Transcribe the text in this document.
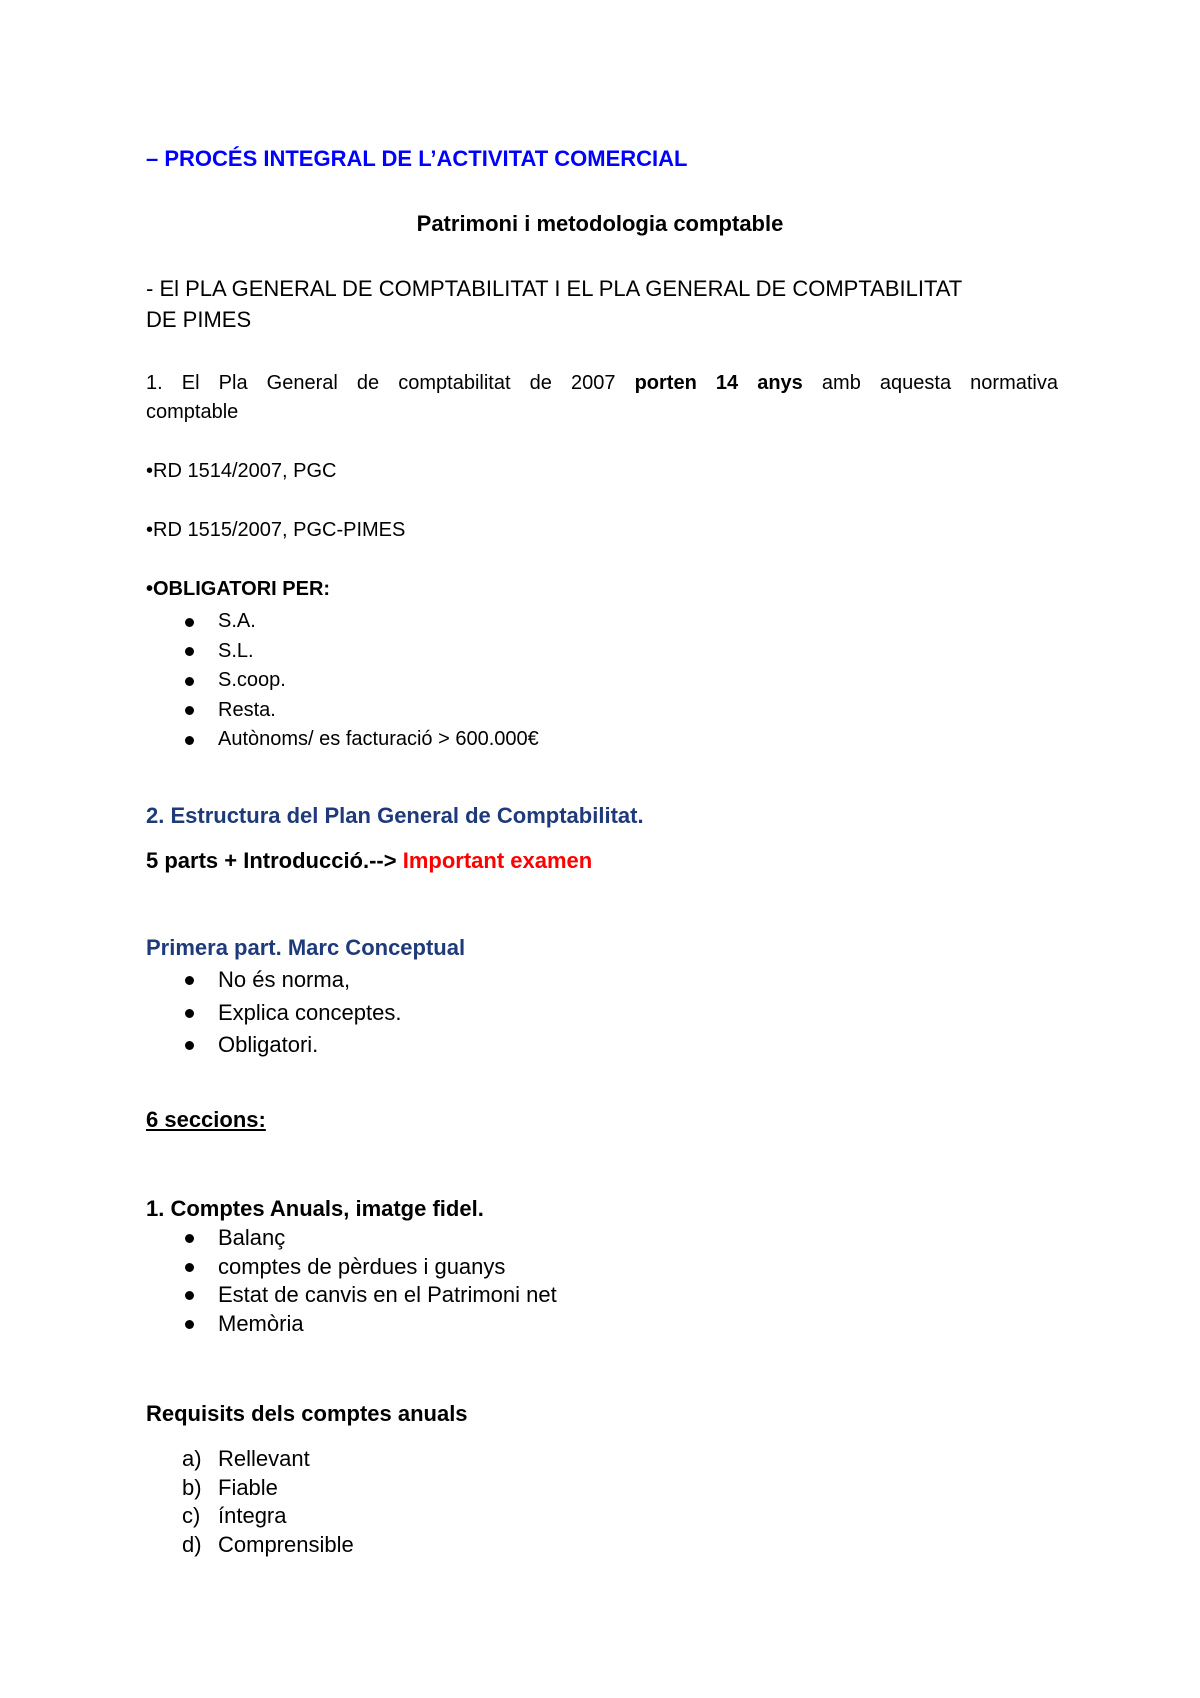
– PROCÉS INTEGRAL DE L’ACTIVITAT COMERCIAL

Patrimoni i metodologia comptable

- El PLA GENERAL DE COMPTABILITAT I EL PLA GENERAL DE COMPTABILITAT

DE PIMES

1. El Pla General de comptabilitat de 2007 porten 14 anys amb aquesta normativa

comptable

•RD 1514/2007, PGC

•RD 1515/2007, PGC-PIMES

•OBLIGATORI PER:

S.A.
S.L.
S.coop.
Resta.
Autònoms/ es facturació > 600.000€

2. Estructura del Plan General de Comptabilitat.

5 parts + Introducció.--> Important examen

Primera part. Marc Conceptual

No és norma,
Explica conceptes.
Obligatori.

6 seccions:

1. Comptes Anuals, imatge fidel.

Balanç
comptes de pèrdues i guanys
Estat de canvis en el Patrimoni net
Memòria

Requisits dels comptes anuals

a) Rellevant
b) Fiable
c) íntegra
d) Comprensible
